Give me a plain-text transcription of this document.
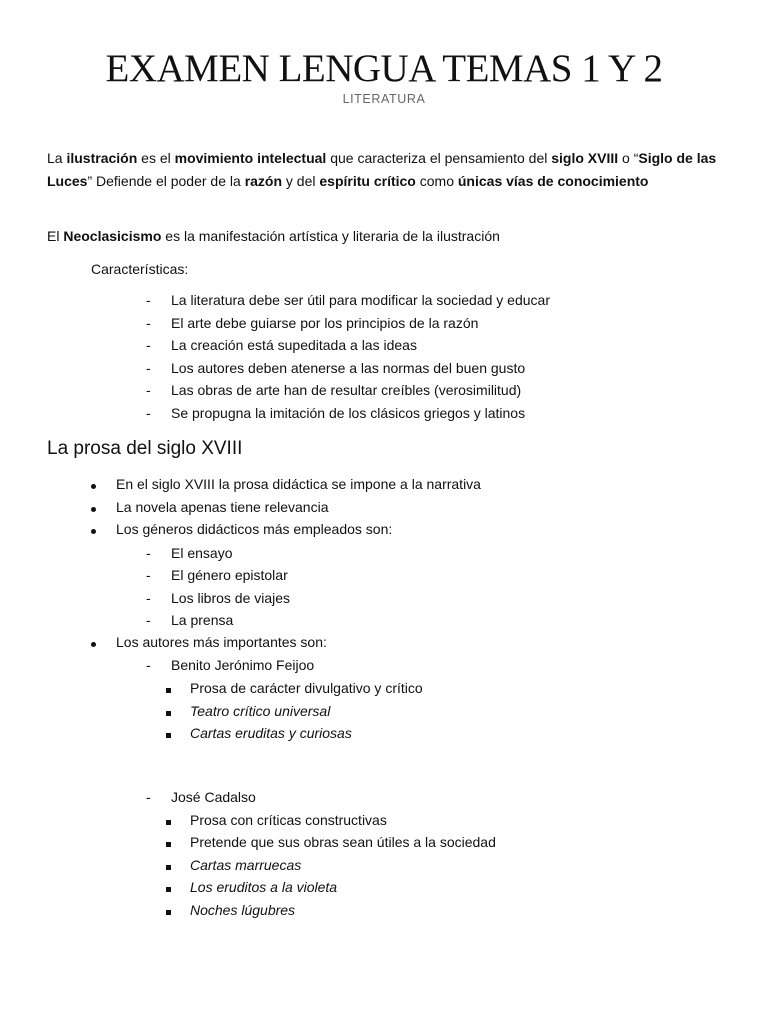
EXAMEN LENGUA TEMAS 1 Y 2
LITERATURA
La ilustración es el movimiento intelectual que caracteriza el pensamiento del siglo XVIII o “Siglo de las Luces” Defiende el poder de la razón y del espíritu crítico como únicas vías de conocimiento
El Neoclasicismo es la manifestación artística y literaria de la ilustración
Características:
- La literatura debe ser útil para modificar la sociedad y educar
- El arte debe guiarse por los principios de la razón
- La creación está supeditada a las ideas
- Los autores deben atenerse a las normas del buen gusto
- Las obras de arte han de resultar creíbles (verosimilitud)
- Se propugna la imitación de los clásicos griegos y latinos
La prosa del siglo XVIII
En el siglo XVIII la prosa didáctica se impone a la narrativa
La novela apenas tiene relevancia
Los géneros didácticos más empleados son:
- El ensayo
- El género epistolar
- Los libros de viajes
- La prensa
Los autores más importantes son:
- Benito Jerónimo Feijoo
Prosa de carácter divulgativo y crítico
Teatro crítico universal
Cartas eruditas y curiosas
- José Cadalso
Prosa con críticas constructivas
Pretende que sus obras sean útiles a la sociedad
Cartas marruecas
Los eruditos a la violeta
Noches lúgubres
